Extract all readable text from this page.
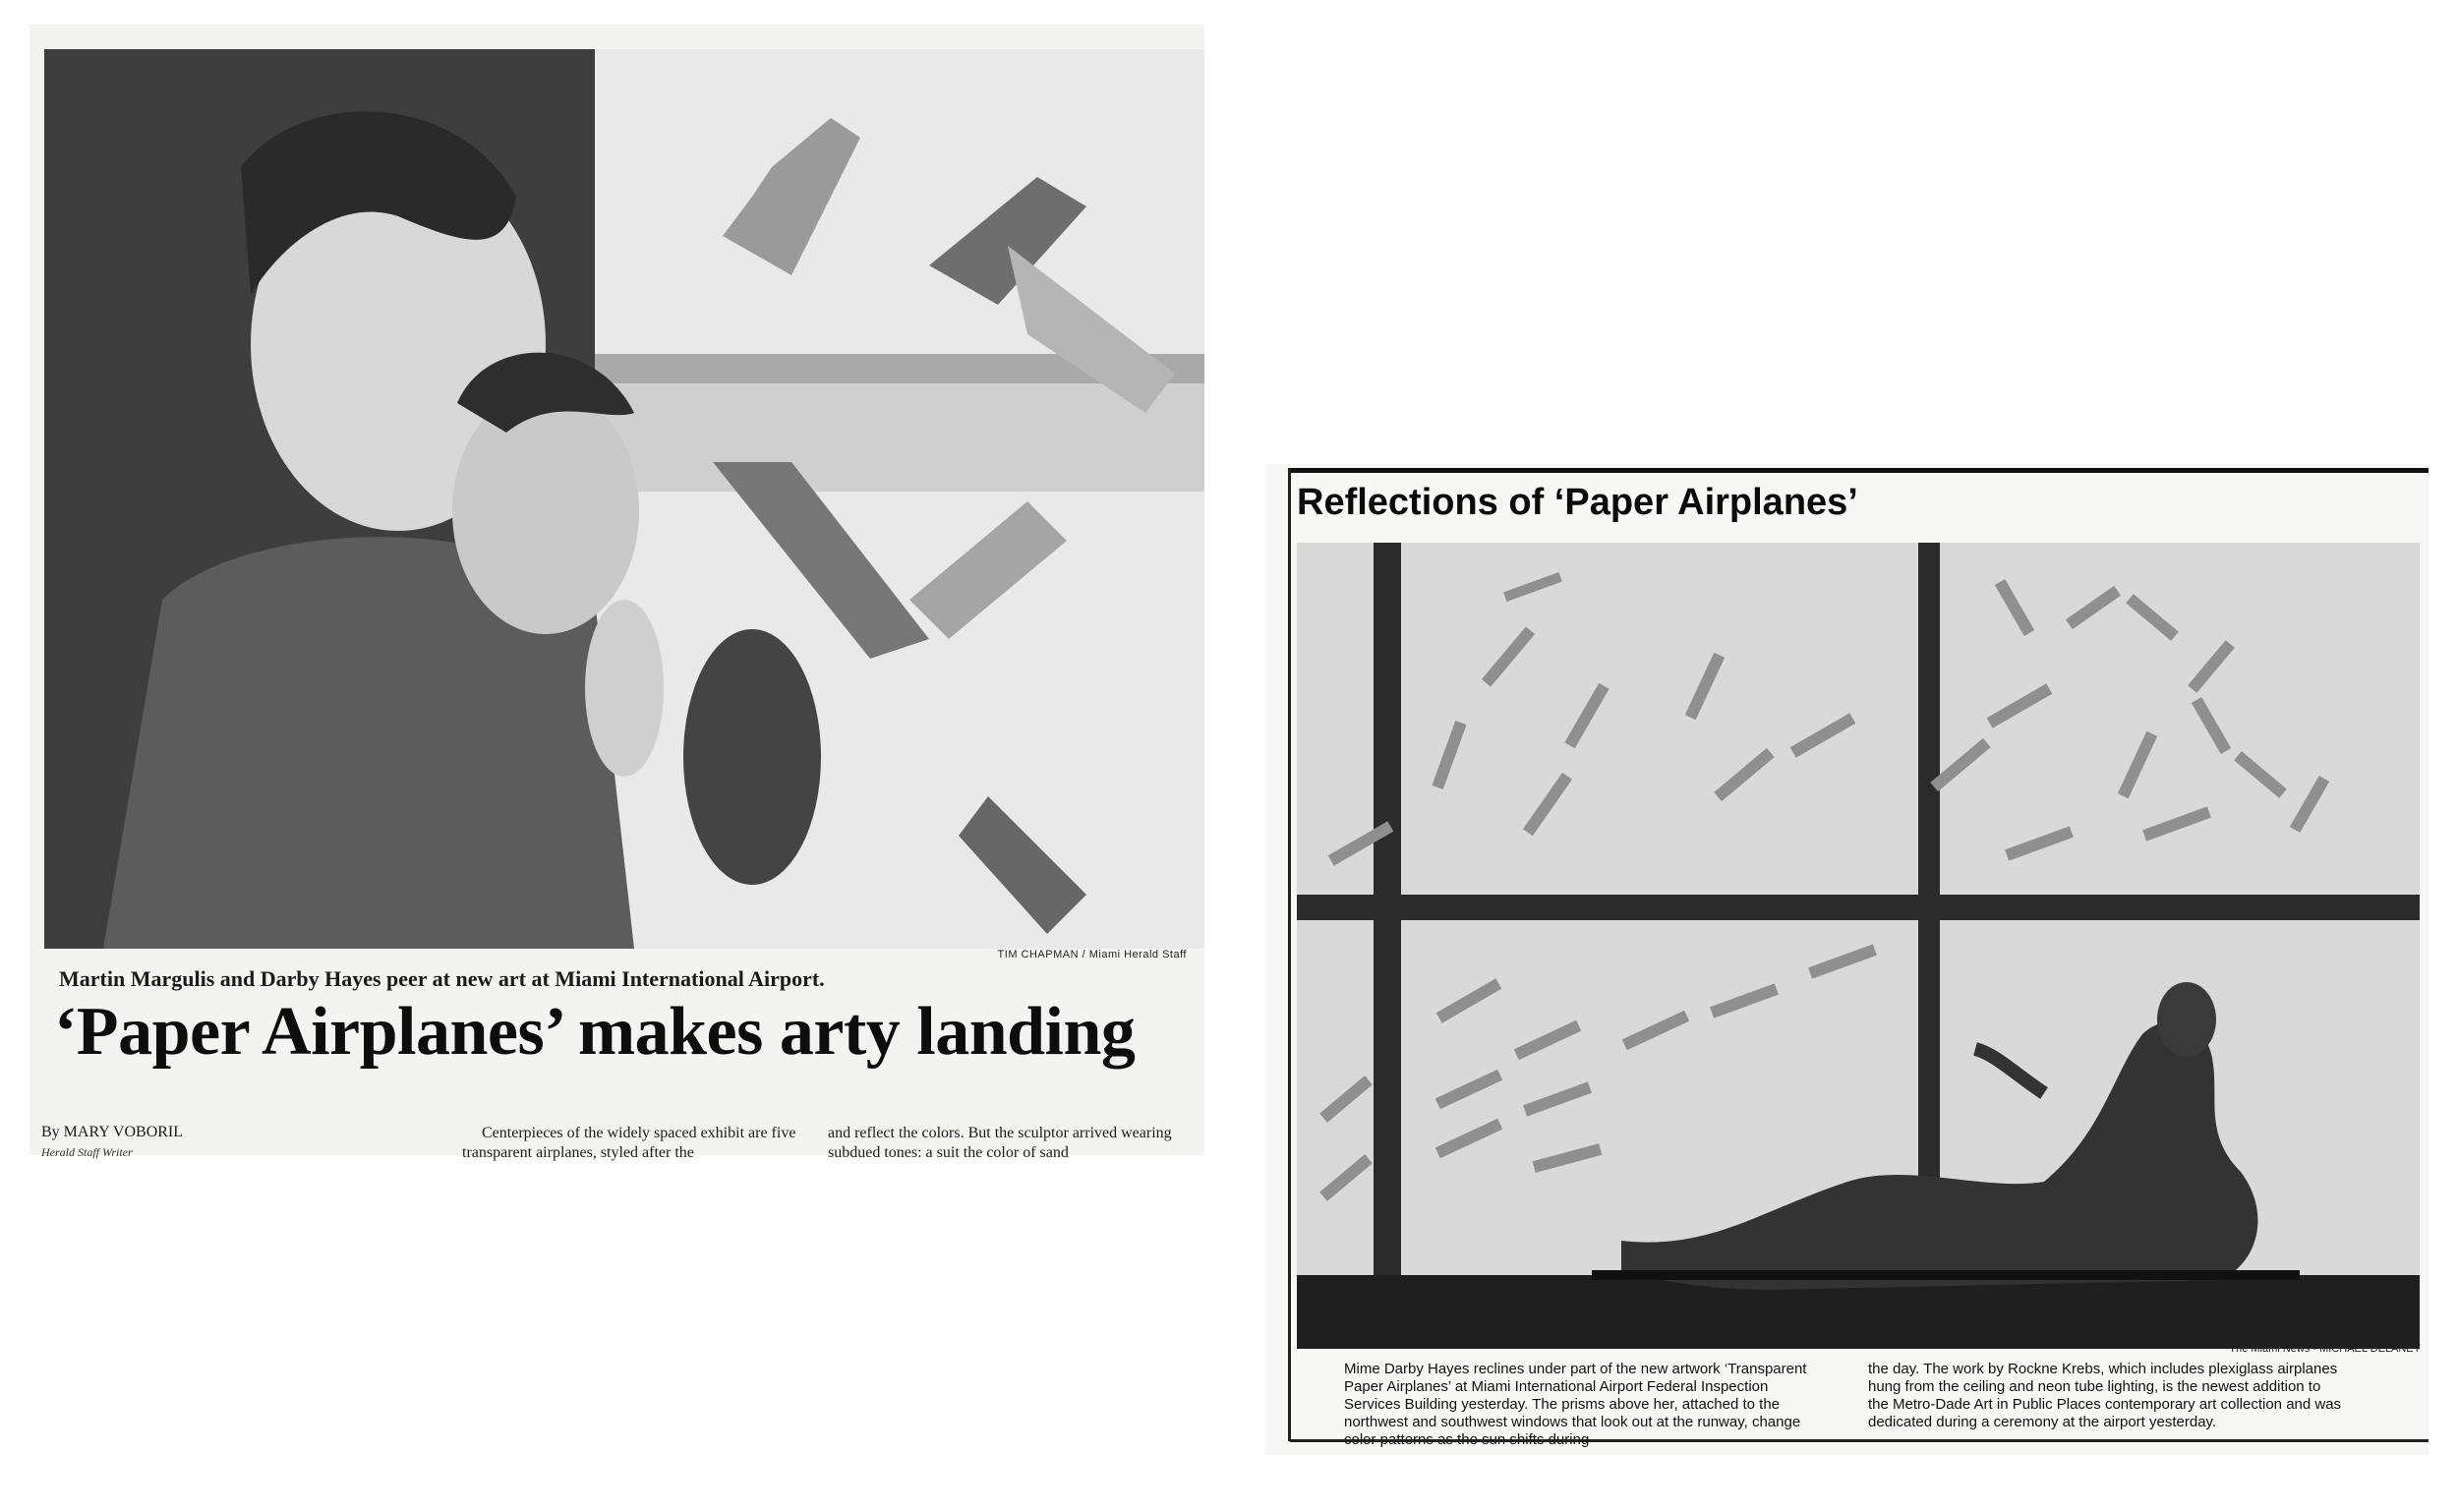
TIM CHAPMAN / Miami Herald Staff
Martin Margulis and Darby Hayes peer at new art at Miami International Airport.
‘Paper Airplanes’ makes arty landing
By MARY VOBORIL
Herald Staff Writer
Centerpieces of the widely spaced exhibit are five transparent airplanes, styled after the
and reflect the colors. But the sculptor arrived wearing subdued tones: a suit the color of sand
Reflections of ‘Paper Airplanes’
The Miami News - MICHAEL DELANEY
Mime Darby Hayes reclines under part of the new artwork ‘Transparent Paper Airplanes’ at Miami International Airport Federal Inspection Services Building yesterday. The prisms above her, attached to the northwest and southwest windows that look out at the runway, change
the day. The work by Rockne Krebs, which includes plexiglass airplanes hung from the ceiling and neon tube lighting, is the newest addition to the Metro-Dade Art in Public Places contemporary art collection and was dedicated during a ceremony at the airport yesterday.
